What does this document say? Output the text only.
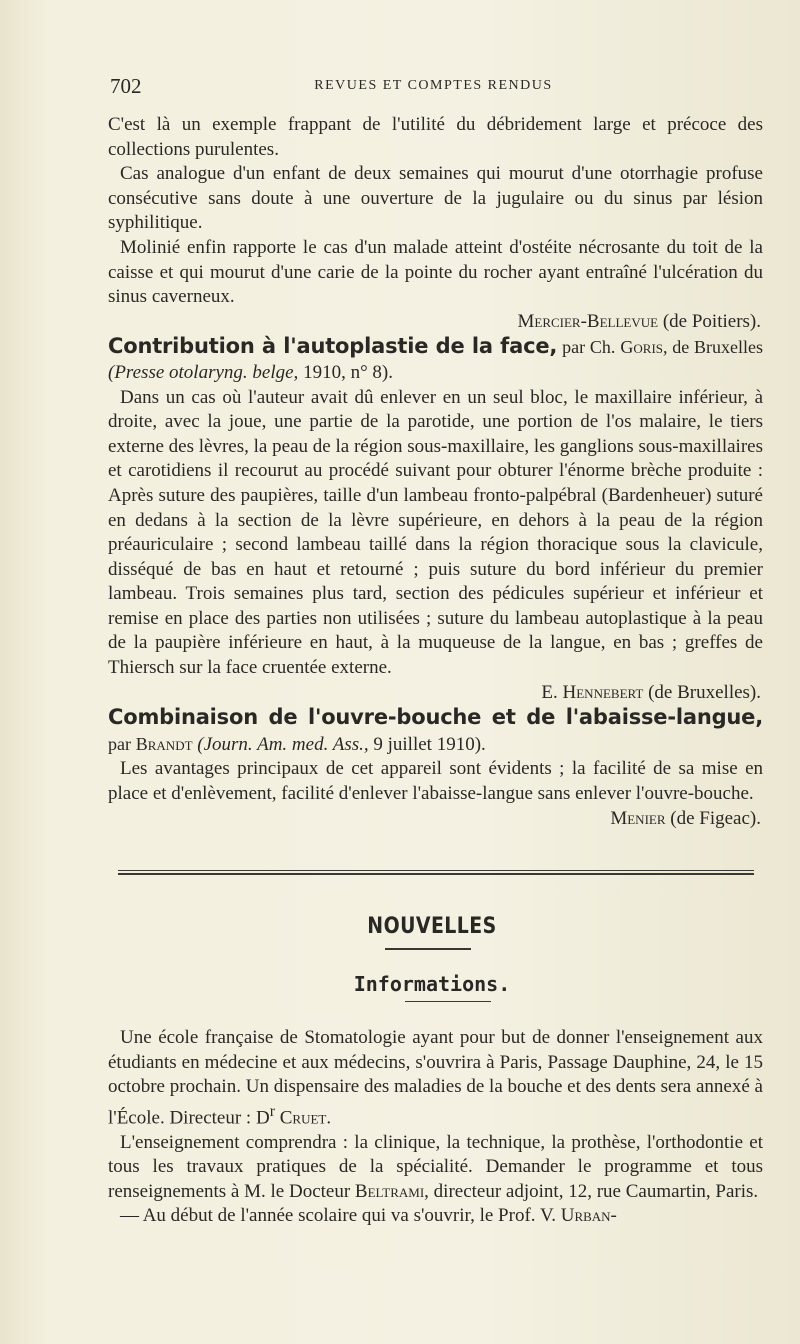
702	REVUES ET COMPTES RENDUS

C'est là un exemple frappant de l'utilité du débridement large et précoce des collections purulentes.

Cas analogue d'un enfant de deux semaines qui mourut d'une otorrhagie profuse consécutive sans doute à une ouverture de la jugulaire ou du sinus par lésion syphilitique.

Molinié enfin rapporte le cas d'un malade atteint d'ostéite nécrosante du toit de la caisse et qui mourut d'une carie de la pointe du rocher ayant entraîné l'ulcération du sinus caverneux.

Mercier-Bellevue (de Poitiers).

Contribution à l'autoplastie de la face, par Ch. Goris, de Bruxelles (Presse otolaryng. belge, 1910, n° 8).

Dans un cas où l'auteur avait dû enlever en un seul bloc, le maxillaire inférieur, à droite, avec la joue, une partie de la parotide, une portion de l'os malaire, le tiers externe des lèvres, la peau de la région sous-maxillaire, les ganglions sous-maxillaires et carotidiens il recourut au procédé suivant pour obturer l'énorme brèche produite : Après suture des paupières, taille d'un lambeau fronto-palpébral (Bardenheuer) suturé en dedans à la section de la lèvre supérieure, en dehors à la peau de la région préauriculaire ; second lambeau taillé dans la région thoracique sous la clavicule, disséqué de bas en haut et retourné ; puis suture du bord inférieur du premier lambeau. Trois semaines plus tard, section des pédicules supérieur et inférieur et remise en place des parties non utilisées ; suture du lambeau autoplastique à la peau de la paupière inférieure en haut, à la muqueuse de la langue, en bas ; greffes de Thiersch sur la face cruentée externe.

E. Hennebert (de Bruxelles).

Combinaison de l'ouvre-bouche et de l'abaisse-langue, par Brandt (Journ. Am. med. Ass., 9 juillet 1910).

Les avantages principaux de cet appareil sont évidents ; la facilité de sa mise en place et d'enlèvement, facilité d'enlever l'abaisse-langue sans enlever l'ouvre-bouche.

Menier (de Figeac).

NOUVELLES
Informations.

Une école française de Stomatologie ayant pour but de donner l'enseignement aux étudiants en médecine et aux médecins, s'ouvrira à Paris, Passage Dauphine, 24, le 15 octobre prochain. Un dispensaire des maladies de la bouche et des dents sera annexé à l'École. Directeur : $D^r$ Cruet.

L'enseignement comprendra : la clinique, la technique, la prothèse, l'orthodontie et tous les travaux pratiques de la spécialité. Demander le programme et tous renseignements à M. le Docteur Beltrami, directeur adjoint, 12, rue Caumartin, Paris.

— Au début de l'année scolaire qui va s'ouvrir, le Prof. V. Urban-
